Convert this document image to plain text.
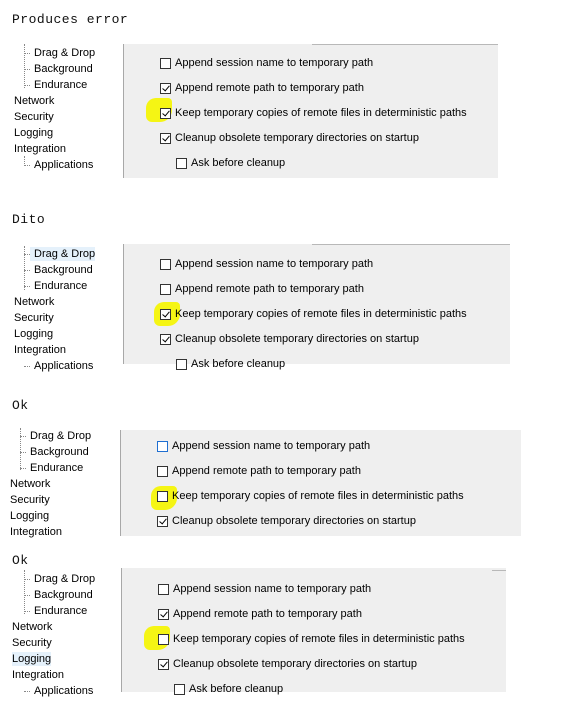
Produces error
Dito
Ok
Ok
Drag & Drop
Background
Endurance
Network
Security
Logging
Integration
Applications
Append session name to temporary path
Append remote path to temporary path
Keep temporary copies of remote files in deterministic paths
Cleanup obsolete temporary directories on startup
Ask before cleanup
Drag & Drop
Background
Endurance
Network
Security
Logging
Integration
Applications
Append session name to temporary path
Append remote path to temporary path
Keep temporary copies of remote files in deterministic paths
Cleanup obsolete temporary directories on startup
Ask before cleanup
Drag & Drop
Background
Endurance
Network
Security
Logging
Integration
Append session name to temporary path
Append remote path to temporary path
Keep temporary copies of remote files in deterministic paths
Cleanup obsolete temporary directories on startup
Drag & Drop
Background
Endurance
Network
Security
Logging
Integration
Applications
Append session name to temporary path
Append remote path to temporary path
Keep temporary copies of remote files in deterministic paths
Cleanup obsolete temporary directories on startup
Ask before cleanup
